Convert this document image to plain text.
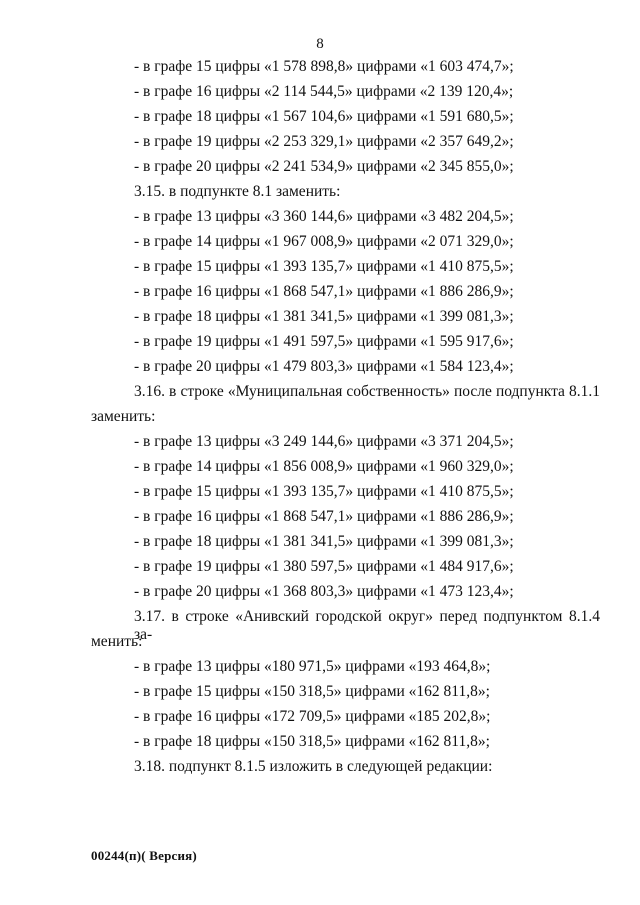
8
- в графе 15 цифры «1 578 898,8» цифрами «1 603 474,7»;
- в графе 16 цифры «2 114 544,5» цифрами «2 139 120,4»;
- в графе 18 цифры «1 567 104,6» цифрами «1 591 680,5»;
- в графе 19 цифры «2 253 329,1» цифрами «2 357 649,2»;
- в графе 20 цифры «2 241 534,9» цифрами «2 345 855,0»;
3.15. в подпункте 8.1 заменить:
- в графе 13 цифры «3 360 144,6» цифрами «3 482 204,5»;
- в графе 14 цифры «1 967 008,9» цифрами «2 071 329,0»;
- в графе 15 цифры «1 393 135,7» цифрами «1 410 875,5»;
- в графе 16 цифры «1 868 547,1» цифрами «1 886 286,9»;
- в графе 18 цифры «1 381 341,5» цифрами «1 399 081,3»;
- в графе 19 цифры «1 491 597,5» цифрами «1 595 917,6»;
- в графе 20 цифры «1 479 803,3» цифрами «1 584 123,4»;
3.16. в строке «Муниципальная собственность» после подпункта 8.1.1
заменить:
- в графе 13 цифры «3 249 144,6» цифрами «3 371 204,5»;
- в графе 14 цифры «1 856 008,9» цифрами «1 960 329,0»;
- в графе 15 цифры «1 393 135,7» цифрами «1 410 875,5»;
- в графе 16 цифры «1 868 547,1» цифрами «1 886 286,9»;
- в графе 18 цифры «1 381 341,5» цифрами «1 399 081,3»;
- в графе 19 цифры «1 380 597,5» цифрами «1 484 917,6»;
- в графе 20 цифры «1 368 803,3» цифрами «1 473 123,4»;
3.17. в строке «Анивский городской округ» перед подпунктом 8.1.4 за-
менить:
- в графе 13 цифры «180 971,5» цифрами «193 464,8»;
- в графе 15 цифры «150 318,5» цифрами «162 811,8»;
- в графе 16 цифры «172 709,5» цифрами «185 202,8»;
- в графе 18 цифры «150 318,5» цифрами «162 811,8»;
3.18. подпункт 8.1.5 изложить в следующей редакции:
00244(п)( Версия)
